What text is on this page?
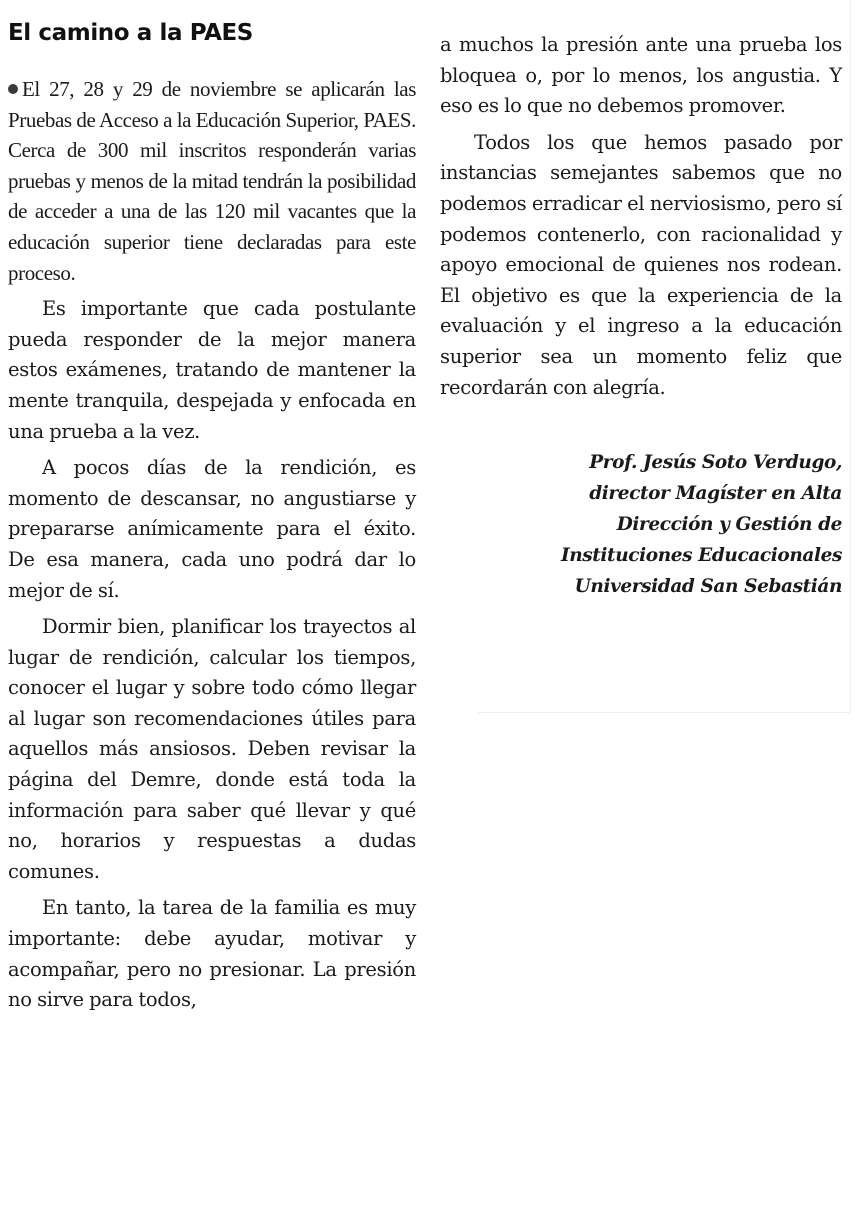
El camino a la PAES

El 27, 28 y 29 de noviembre se aplicarán las Pruebas de Acceso a la Educación Superior, PAES. Cerca de 300 mil inscritos responderán varias pruebas y menos de la mitad tendrán la posibilidad de acceder a una de las 120 mil vacantes que la educación superior tiene declaradas para este proceso.

Es importante que cada postulante pueda responder de la mejor manera estos exámenes, tratando de mantener la mente tranquila, despejada y enfocada en una prueba a la vez.

A pocos días de la rendición, es momento de descansar, no angustiarse y prepararse anímicamente para el éxito. De esa manera, cada uno podrá dar lo mejor de sí.

Dormir bien, planificar los trayectos al lugar de rendición, calcular los tiempos, conocer el lugar y sobre todo cómo llegar al lugar son recomendaciones útiles para aquellos más ansiosos. Deben revisar la página del Demre, donde está toda la información para saber qué llevar y qué no, horarios y respuestas a dudas comunes.

En tanto, la tarea de la familia es muy importante: debe ayudar, motivar y acompañar, pero no presionar. La presión no sirve para todos,

a muchos la presión ante una prueba los bloquea o, por lo menos, los angustia. Y eso es lo que no debemos promover.

Todos los que hemos pasado por instancias semejantes sabemos que no podemos erradicar el nerviosismo, pero sí podemos contenerlo, con racionalidad y apoyo emocional de quienes nos rodean. El objetivo es que la experiencia de la evaluación y el ingreso a la educación superior sea un momento feliz que recordarán con alegría.

Prof. Jesús Soto Verdugo,
director Magíster en Alta
Dirección y Gestión de
Instituciones Educacionales
Universidad San Sebastián
